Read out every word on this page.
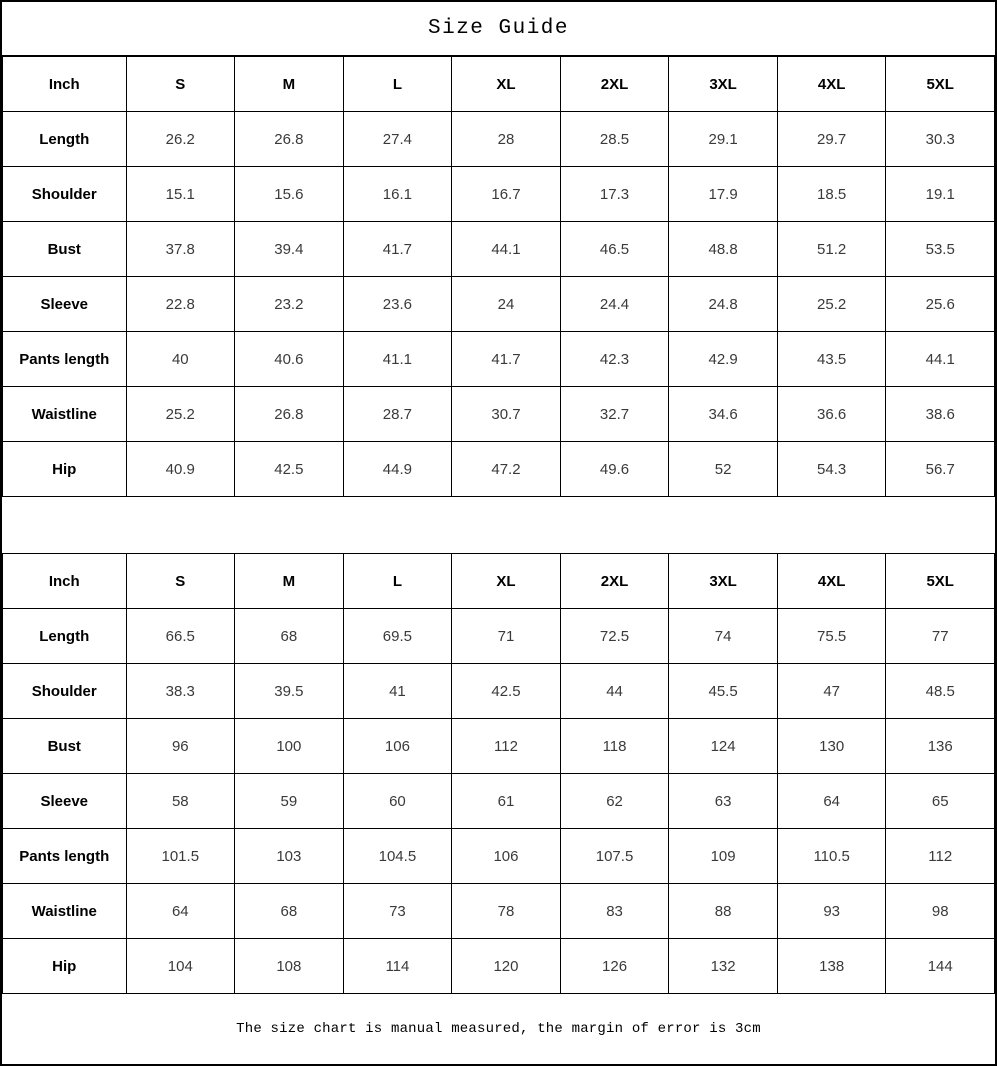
Size Guide
Inch	S	M	L	XL	2XL	3XL	4XL	5XL
Length	26.2	26.8	27.4	28	28.5	29.1	29.7	30.3
Shoulder	15.1	15.6	16.1	16.7	17.3	17.9	18.5	19.1
Bust	37.8	39.4	41.7	44.1	46.5	48.8	51.2	53.5
Sleeve	22.8	23.2	23.6	24	24.4	24.8	25.2	25.6
Pants length	40	40.6	41.1	41.7	42.3	42.9	43.5	44.1
Waistline	25.2	26.8	28.7	30.7	32.7	34.6	36.6	38.6
Hip	40.9	42.5	44.9	47.2	49.6	52	54.3	56.7
Inch	S	M	L	XL	2XL	3XL	4XL	5XL
Length	66.5	68	69.5	71	72.5	74	75.5	77
Shoulder	38.3	39.5	41	42.5	44	45.5	47	48.5
Bust	96	100	106	112	118	124	130	136
Sleeve	58	59	60	61	62	63	64	65
Pants length	101.5	103	104.5	106	107.5	109	110.5	112
Waistline	64	68	73	78	83	88	93	98
Hip	104	108	114	120	126	132	138	144
The size chart is manual measured, the margin of error is 3cm
